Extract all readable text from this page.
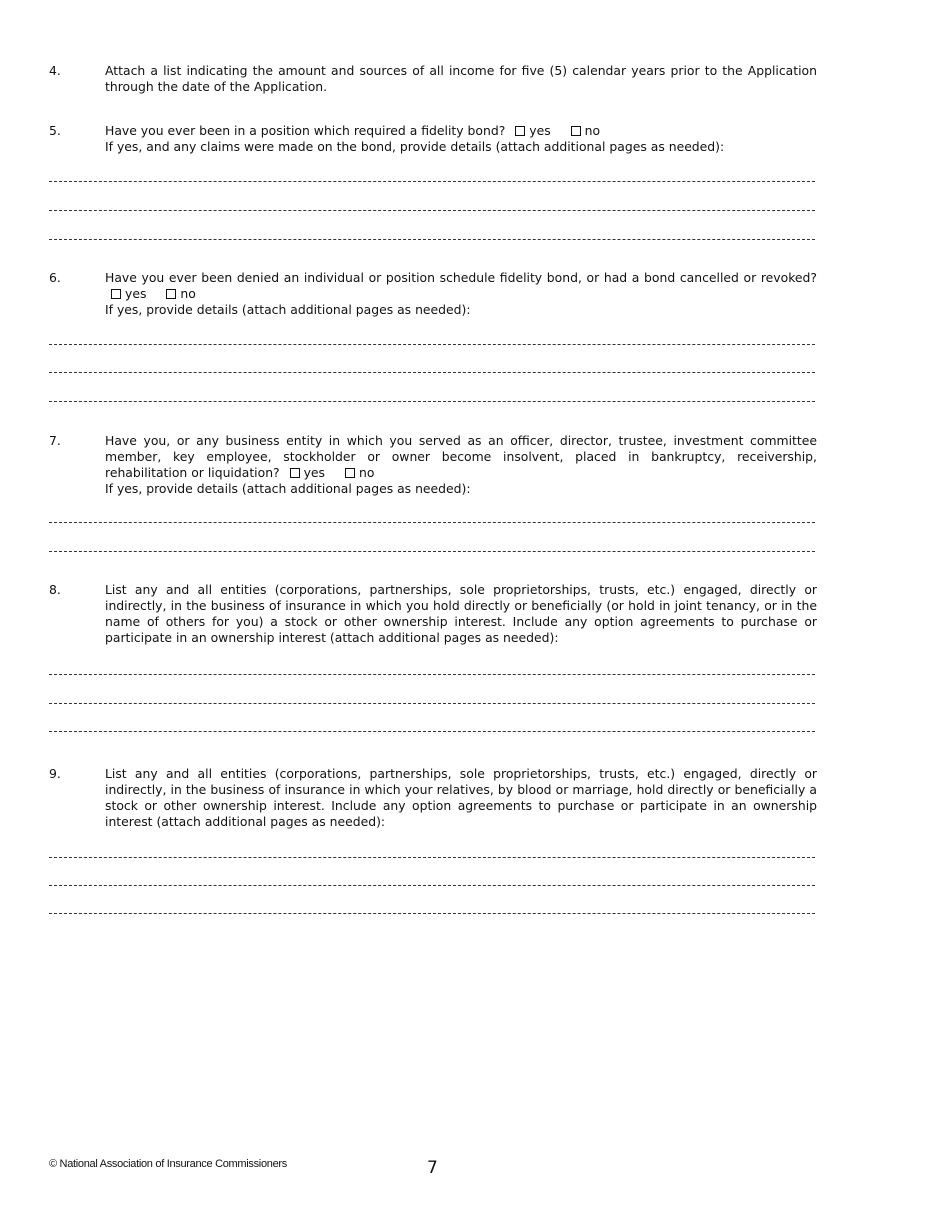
4.	Attach a list indicating the amount and sources of all income for five (5) calendar years prior to the Application through the date of the Application.

5.	Have you ever been in a position which required a fidelity bond? yes	no

If yes, and any claims were made on the bond, provide details (attach additional pages as needed):

6.	Have you ever been denied an individual or position schedule fidelity bond, or had a bond cancelled or revoked? yes	no

If yes, provide details (attach additional pages as needed):

7.	Have you, or any business entity in which you served as an officer, director, trustee, investment committee member, key employee, stockholder or owner become insolvent, placed in bankruptcy, receivership, rehabilitation or liquidation? yes	no

If yes, provide details (attach additional pages as needed):

8.	List any and all entities (corporations, partnerships, sole proprietorships, trusts, etc.) engaged, directly or indirectly, in the business of insurance in which you hold directly or beneficially (or hold in joint tenancy, or in the name of others for you) a stock or other ownership interest. Include any option agreements to purchase or participate in an ownership interest (attach additional pages as needed):

9.	List any and all entities (corporations, partnerships, sole proprietorships, trusts, etc.) engaged, directly or indirectly, in the business of insurance in which your relatives, by blood or marriage, hold directly or beneficially a stock or other ownership interest. Include any option agreements to purchase or participate in an ownership interest (attach additional pages as needed):

© National Association of Insurance Commissioners	7
